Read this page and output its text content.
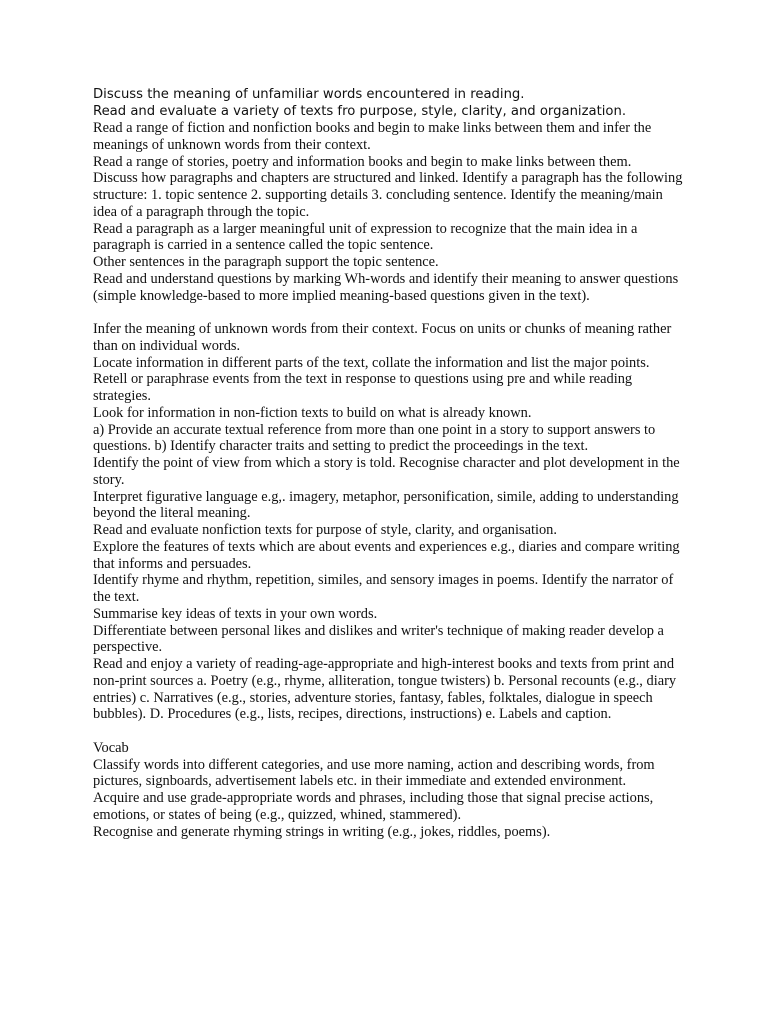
Discuss the meaning of unfamiliar words encountered in reading.
Read and evaluate a variety of texts fro purpose, style, clarity, and organization.

Read a range of fiction and nonfiction books and begin to make links between them and infer the meanings of unknown words from their context.

Read a range of stories, poetry and information books and begin to make links between them.

Discuss how paragraphs and chapters are structured and linked. Identify a paragraph has the following structure: 1. topic sentence 2. supporting details 3. concluding sentence. Identify the meaning/main idea of a paragraph through the topic.

Read a paragraph as a larger meaningful unit of expression to recognize that the main idea in a paragraph is carried in a sentence called the topic sentence.

Other sentences in the paragraph support the topic sentence.

Read and understand questions by marking Wh-words and identify their meaning to answer questions (simple knowledge-based to more implied meaning-based questions given in the text).

Infer the meaning of unknown words from their context. Focus on units or chunks of meaning rather than on individual words.

Locate information in different parts of the text, collate the information and list the major points.

Retell or paraphrase events from the text in response to questions using pre and while reading strategies.

Look for information in non-fiction texts to build on what is already known.

a) Provide an accurate textual reference from more than one point in a story to support answers to questions. b) Identify character traits and setting to predict the proceedings in the text.

Identify the point of view from which a story is told. Recognise character and plot development in the story.

Interpret figurative language e.g,. imagery, metaphor, personification, simile, adding to understanding beyond the literal meaning.

Read and evaluate nonfiction texts for purpose of style, clarity, and organisation.

Explore the features of texts which are about events and experiences e.g., diaries and compare writing that informs and persuades.

Identify rhyme and rhythm, repetition, similes, and sensory images in poems. Identify the narrator of the text.

Summarise key ideas of texts in your own words.

Differentiate between personal likes and dislikes and writer's technique of making reader develop a perspective.

Read and enjoy a variety of reading-age-appropriate and high-interest books and texts from print and non-print sources a. Poetry (e.g., rhyme, alliteration, tongue twisters) b. Personal recounts (e.g., diary entries) c. Narratives (e.g., stories, adventure stories, fantasy, fables, folktales, dialogue in speech bubbles). D. Procedures (e.g., lists, recipes, directions, instructions) e. Labels and caption.

Vocab

Classify words into different categories, and use more naming, action and describing words, from pictures, signboards, advertisement labels etc. in their immediate and extended environment.

Acquire and use grade-appropriate words and phrases, including those that signal precise actions, emotions, or states of being (e.g., quizzed, whined, stammered).

Recognise and generate rhyming strings in writing (e.g., jokes, riddles, poems).
